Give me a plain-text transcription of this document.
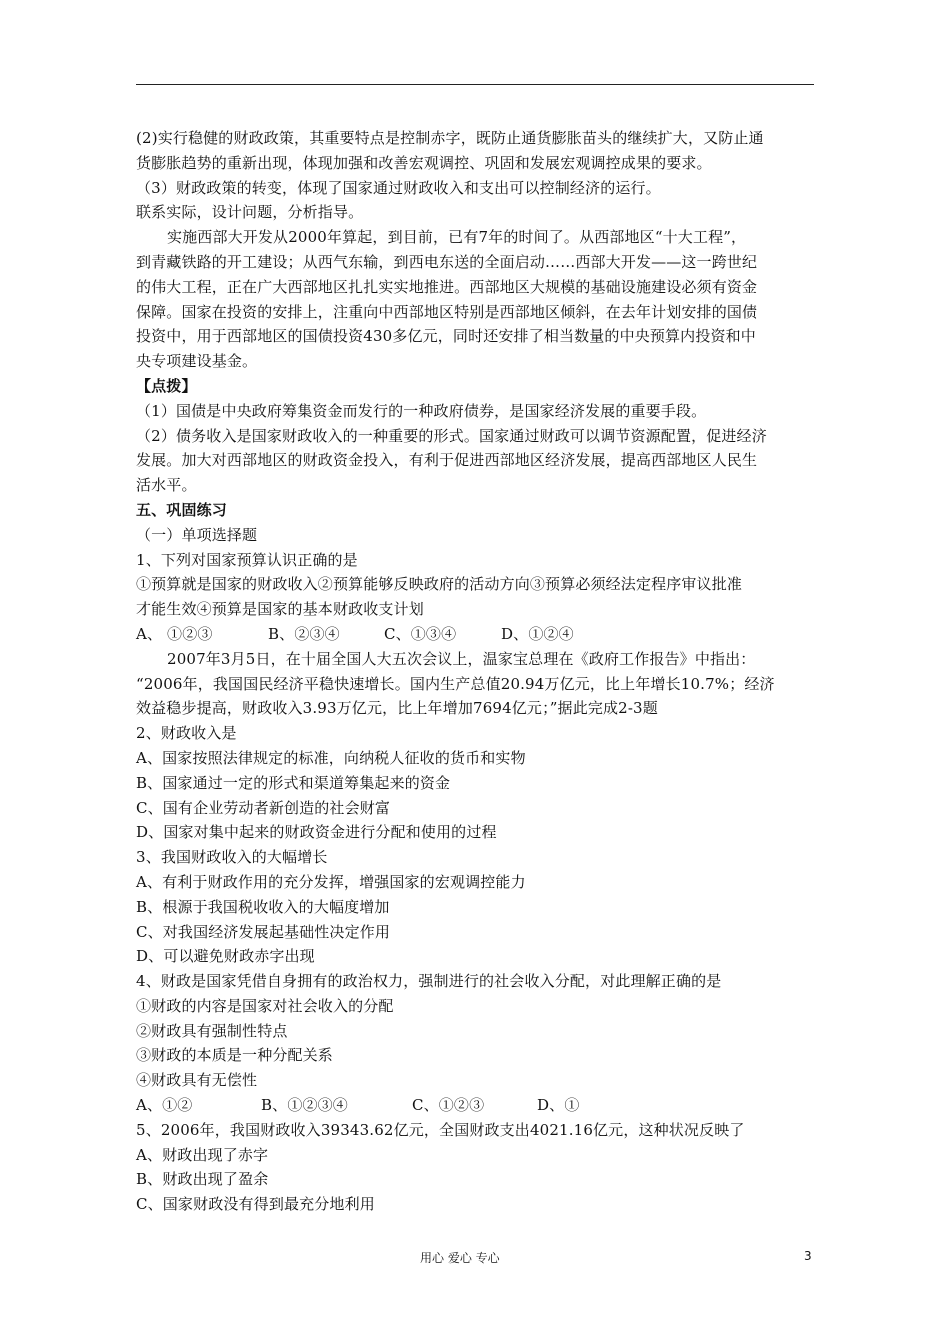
(2)实行稳健的财政政策，其重要特点是控制赤字，既防止通货膨胀苗头的继续扩大，又防止通
货膨胀趋势的重新出现，体现加强和改善宏观调控、巩固和发展宏观调控成果的要求。
（3）财政政策的转变，体现了国家通过财政收入和支出可以控制经济的运行。
联系实际，设计问题，分析指导。
实施西部大开发从2000年算起，到目前，已有7年的时间了。从西部地区“十大工程”，
到青藏铁路的开工建设；从西气东输，到西电东送的全面启动……西部大开发——这一跨世纪
的伟大工程，正在广大西部地区扎扎实实地推进。西部地区大规模的基础设施建设必须有资金
保障。国家在投资的安排上，注重向中西部地区特别是西部地区倾斜，在去年计划安排的国债
投资中，用于西部地区的国债投资430多亿元，同时还安排了相当数量的中央预算内投资和中
央专项建设基金。
【点拨】
（1）国债是中央政府筹集资金而发行的一种政府债券，是国家经济发展的重要手段。
（2）债务收入是国家财政收入的一种重要的形式。国家通过财政可以调节资源配置，促进经济
发展。加大对西部地区的财政资金投入，有利于促进西部地区经济发展，提高西部地区人民生
活水平。
五、巩固练习
（一）单项选择题
1、下列对国家预算认识正确的是
①预算就是国家的财政收入②预算能够反映政府的活动方向③预算必须经法定程序审议批准
才能生效④预算是国家的基本财政收支计划
A、 ①②③	B、②③④	C、①③④	D、①②④
2007年3月5日，在十届全国人大五次会议上，温家宝总理在《政府工作报告》中指出：
“2006年，我国国民经济平稳快速增长。国内生产总值20.94万亿元，比上年增长10.7%；经济
效益稳步提高，财政收入3.93万亿元，比上年增加7694亿元；”据此完成2-3题
2、财政收入是
A、国家按照法律规定的标准，向纳税人征收的货币和实物
B、国家通过一定的形式和渠道筹集起来的资金
C、国有企业劳动者新创造的社会财富
D、国家对集中起来的财政资金进行分配和使用的过程
3、我国财政收入的大幅增长
A、有利于财政作用的充分发挥，增强国家的宏观调控能力
B、根源于我国税收收入的大幅度增加
C、对我国经济发展起基础性决定作用
D、可以避免财政赤字出现
4、财政是国家凭借自身拥有的政治权力，强制进行的社会收入分配，对此理解正确的是
①财政的内容是国家对社会收入的分配
②财政具有强制性特点
③财政的本质是一种分配关系
④财政具有无偿性
A、①②	B、①②③④	C、①②③	D、①
5、2006年，我国财政收入39343.62亿元，全国财政支出4021.16亿元，这种状况反映了
A、财政出现了赤字
B、财政出现了盈余
C、国家财政没有得到最充分地利用
用心 爱心 专心	3
